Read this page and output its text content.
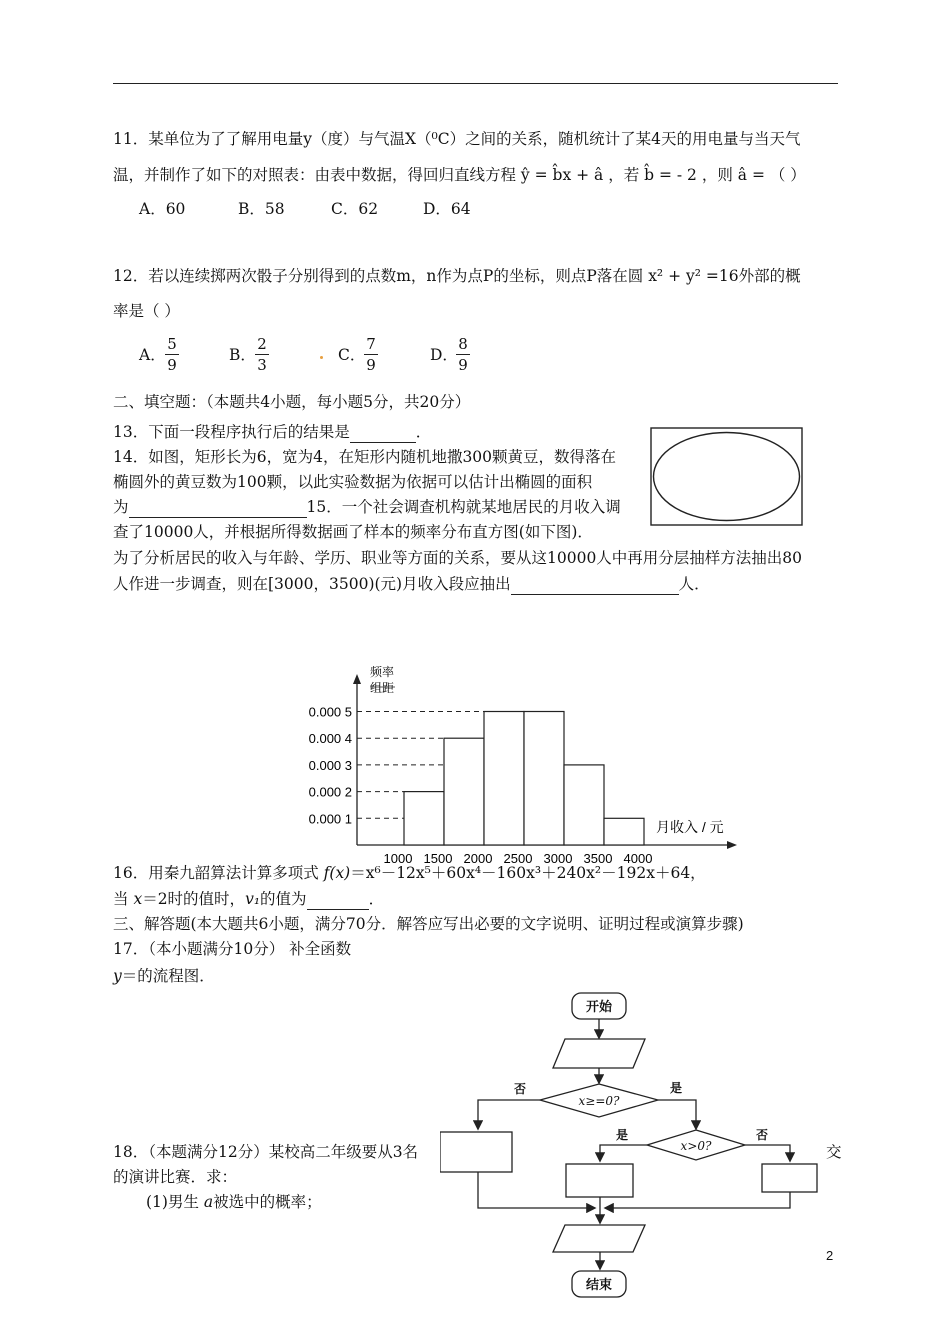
11．某单位为了了解用电量y（度）与气温X（⁰C）之间的关系，随机统计了某4天的用电量与当天气
温，并制作了如下的对照表：由表中数据，得回归直线方程 ŷ = b̂x + â ，若 b̂ = - 2 ，则 â = （ ）
A．60	B．58	C．62	D．64
12．若以连续掷两次骰子分别得到的点数m，n作为点P的坐标，则点P落在圆 x² + y² =16外部的概
率是（ ）
A．
5
9
B．
2
3
C．
7
9
D．
8
9
二、填空题：（本题共4小题，每小题5分，共20分）
13．下面一段程序执行后的结果是	．
14．如图，矩形长为6，宽为4，在矩形内随机地撒300颗黄豆，数得落在
椭圆外的黄豆数为100颗，以此实验数据为依据可以估计出椭圆的面积
为	15．一个社会调查机构就某地居民的月收入调
查了10000人，并根据所得数据画了样本的频率分布直方图(如下图)．
为了分析居民的收入与年龄、学历、职业等方面的关系，要从这10000人中再用分层抽样方法抽出80
人作进一步调查，则在[3000，3500)(元)月收入段应抽出	人．
频率
组距
月收入 / 元
0.000 1
0.000 2
0.000 3
0.000 4
0.000 5
1000 1500 2000 2500 3000 3500 4000
16．用秦九韶算法计算多项式 f(x)＝x⁶－12x⁵＋60x⁴－160x³＋240x²－192x＋64，
当 x＝2时的值时，v₁的值为	．
三、解答题(本大题共6小题，满分70分．解答应写出必要的文字说明、证明过程或演算步骤)
17．（本小题满分10分） 补全函数
y＝的流程图．
18．（本题满分12分）某校高二年级要从3名	交
的演讲比赛．求：
(1)男生 a被选中的概率；
开始
结束
否	是
是	否
x≥=0?
x>0?
2
